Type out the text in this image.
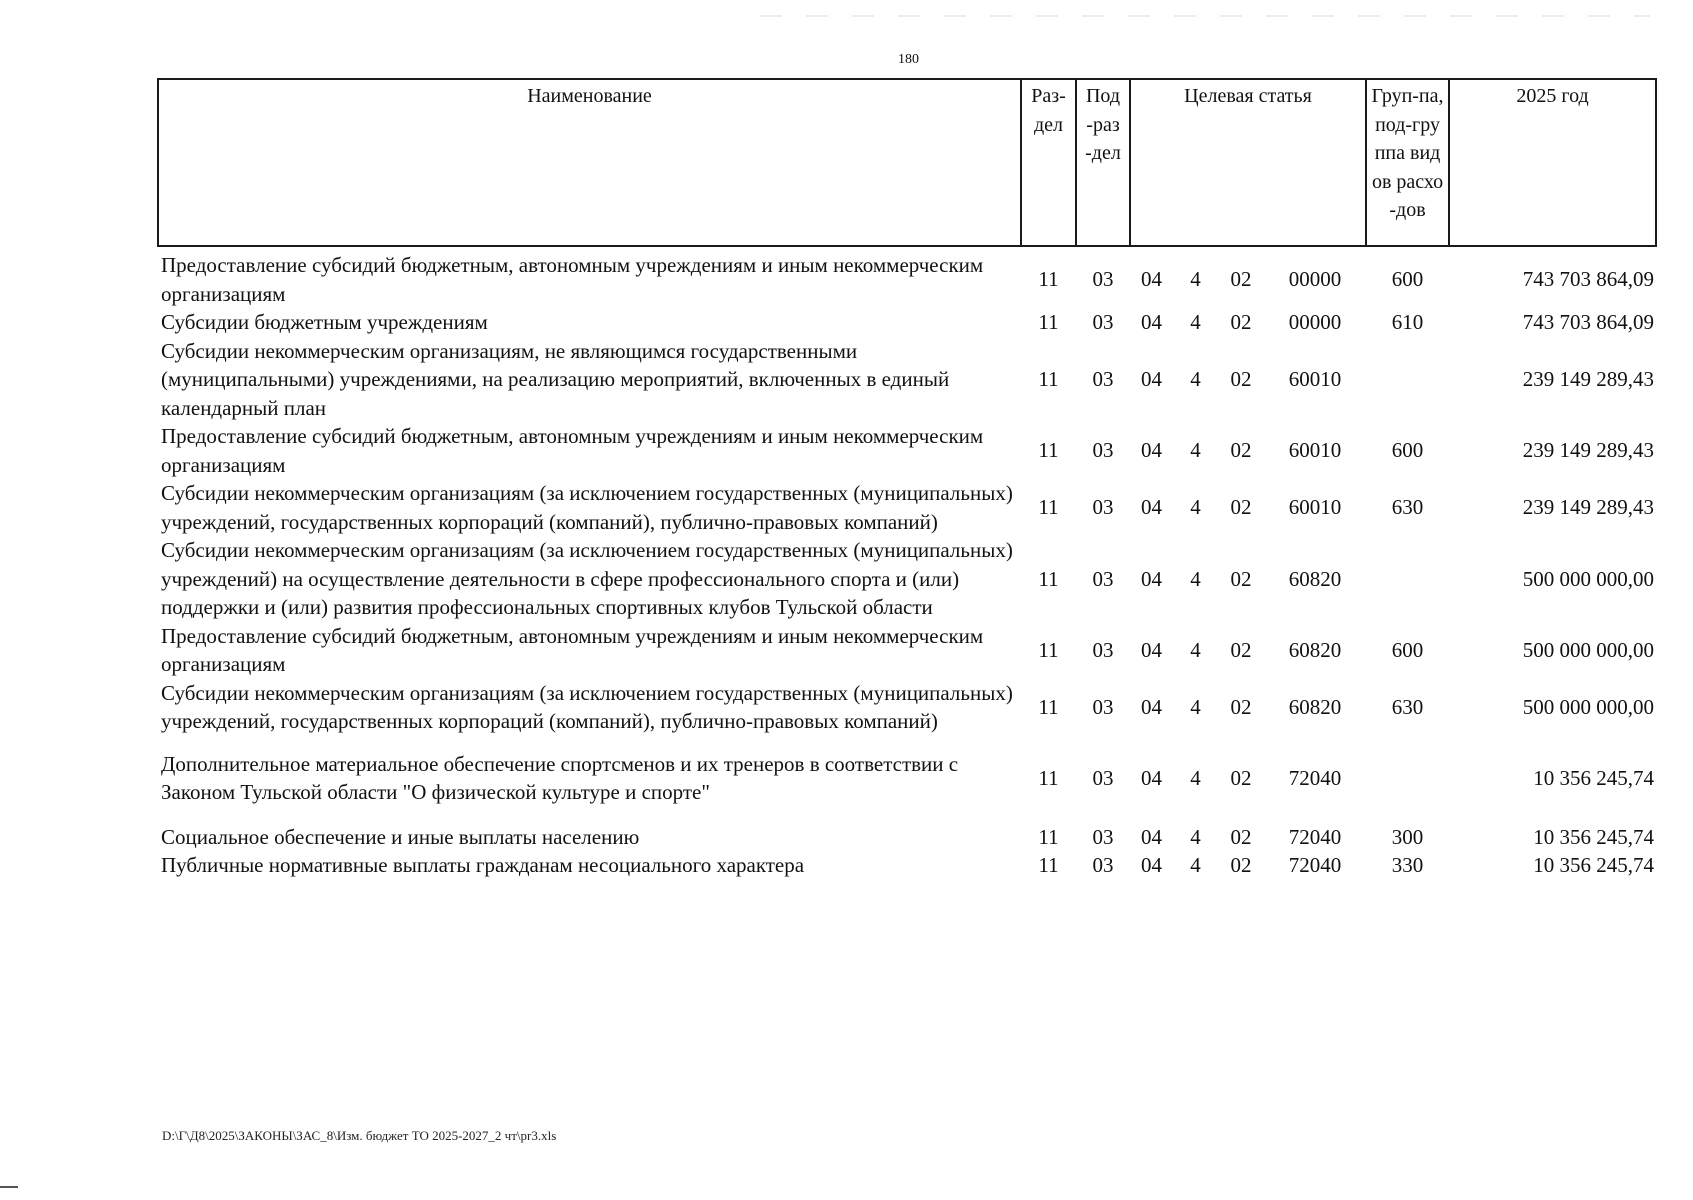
180
Наименование	Раз-дел	Под-раз-дел	Целевая статья				Груп-па, под-группа видов расхо-дов	2025 год
Предоставление субсидий бюджетным, автономным учреждениям и иным некоммерческим организациям	11	03	04	4	02	00000	600	743 703 864,09
Субсидии бюджетным учреждениям	11	03	04	4	02	00000	610	743 703 864,09
Субсидии некоммерческим организациям, не являющимся государственными (муниципальными) учреждениями, на реализацию мероприятий, включенных в единый календарный план	11	03	04	4	02	60010		239 149 289,43
Предоставление субсидий бюджетным, автономным учреждениям и иным некоммерческим организациям	11	03	04	4	02	60010	600	239 149 289,43
Субсидии некоммерческим организациям (за исключением государственных (муниципальных) учреждений, государственных корпораций (компаний), публично-правовых компаний)	11	03	04	4	02	60010	630	239 149 289,43
Субсидии некоммерческим организациям (за исключением государственных (муниципальных) учреждений) на осуществление деятельности в сфере профессионального спорта и (или) поддержки и (или) развития профессиональных спортивных клубов Тульской области	11	03	04	4	02	60820		500 000 000,00
Предоставление субсидий бюджетным, автономным учреждениям и иным некоммерческим организациям	11	03	04	4	02	60820	600	500 000 000,00
Субсидии некоммерческим организациям (за исключением государственных (муниципальных) учреждений, государственных корпораций (компаний), публично-правовых компаний)	11	03	04	4	02	60820	630	500 000 000,00
Дополнительное материальное обеспечение спортсменов и их тренеров в соответствии с Законом Тульской области "О физической культуре и спорте"	11	03	04	4	02	72040		10 356 245,74
Социальное обеспечение и иные выплаты населению	11	03	04	4	02	72040	300	10 356 245,74
Публичные нормативные выплаты гражданам несоциального характера	11	03	04	4	02	72040	330	10 356 245,74
D:\Г\Д8\2025\ЗАКОНЫ\ЗАС_8\Изм. бюджет ТО 2025-2027_2 чт\pr3.xls
